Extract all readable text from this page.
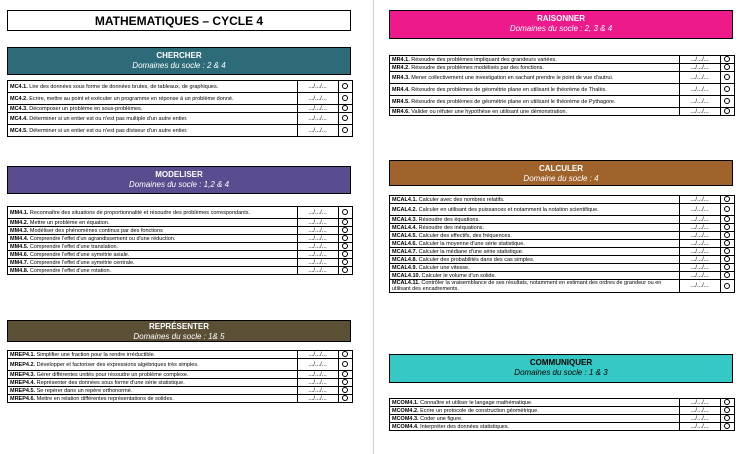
MATHEMATIQUES – CYCLE 4
CHERCHER
Domaines du socle : 2 & 4
MC4.1. Lire des données sous forme de données brutes, de tableaux, de graphiques.	.../.../...	
MC4.2. Ecrire, mettre au point et exécuter un programme en réponse à un problème donné.	.../.../...	
MC4.3. Décomposer un problème en sous-problèmes.	.../.../...	
MC4.4. Déterminer si un entier est ou n'est pas multiple d'un autre entier.	.../.../...	
MC4.5. Déterminer si un entier est ou n'est pas diviseur d'un autre entier.	.../.../...	
MODELISER
Domaines du socle : 1,2 & 4
MM4.1. Reconnaître des situations de proportionnalité et résoudre des problèmes correspondants.	.../.../...	
MM4.2. Mettre un problème en équation.	.../.../...	
MM4.3. Modéliser des phénomènes continus par des fonctions	.../.../...	
MM4.4. Comprendre l'effet d'un agrandissement ou d'une réduction.	.../.../...	
MM4.5. Comprendre l'effet d'une translation.	.../.../...	
MM4.6. Comprendre l'effet d'une symétrie axiale.	.../.../...	
MM4.7. Comprendre l'effet d'une symétrie centrale.	.../.../...	
MM4.8. Comprendre l'effet d'une rotation.	.../.../...	
REPRÉSENTER
Domaines du socle : 1& 5
MREP4.1. Simplifier une fraction pour la rendre irréductible.	.../.../...	
MREP4.2. Développer et factoriser des expressions algébriques très simples.	.../.../...	
MREP4.3. Gérer différentes unités pour résoudre un problème complexe.	.../.../...	
MREP4.4. Représenter des données sous forme d'une série statistique.	.../.../...	
MREP4.5. Se repérer dans un repère orthonormé.	.../.../...	
MREP4.6. Mettre en relation différentes représentations de solides.	.../.../...	
RAISONNER
Domaines du socle : 2, 3 & 4
MR4.1. Résoudre des problèmes impliquant des grandeurs variées.	.../.../...	
MR4.2. Résoudre des problèmes modélisés par des fonctions.	.../.../...	
MR4.3. Mener collectivement une investigation en sachant prendre le point de vue d'autrui.	.../.../...	
MR4.4. Résoudre des problèmes de géométrie plane en utilisant le théorème de Thalès.	.../.../...	
MR4.5. Résoudre des problèmes de géométrie plane en utilisant le théorème de Pythagore.	.../.../...	
MR4.6. Valider ou réfuter une hypothèse en utilisant une démonstration.	.../.../...	
CALCULER
Domaine du socle : 4
MCAL4.1. Calculer avec des nombres relatifs.	.../.../...	
MCAL4.2. Calculer en utilisant des puissances et notamment la notation scientifique.	.../.../...	
MCAL4.3. Résoudre des équations.	.../.../...	
MCAL4.4. Résoudre des inéquations.	.../.../...	
MCAL4.5. Calculer des effectifs, des fréquences.	.../.../...	
MCAL4.6. Calculer la moyenne d'une série statistique.	.../.../...	
MCAL4.7. Calculer la médiane d'une série statistique.	.../.../...	
MCAL4.8. Calculer des probabilités dans des cas simples.	.../.../...	
MCAL4.9. Calculer une vitesse.	.../.../...	
MCAL4.10. Calculer le volume d'un solide.	.../.../...	
MCAL4.11. Contrôler la vraisemblance de ses résultats, notamment en estimant des ordres de grandeur ou en utilisant des encadrements.	.../.../...	
COMMUNIQUER
Domaines du socle : 1 & 3
MCOM4.1. Connaître et utiliser le langage mathématique.	.../.../...	
MCOM4.2. Ecrire un protocole de construction géométrique.	.../.../...	
MCOM4.3. Coder une figure.	.../.../...	
MCOM4.4. Interpréter des données statistiques.	.../.../...	
